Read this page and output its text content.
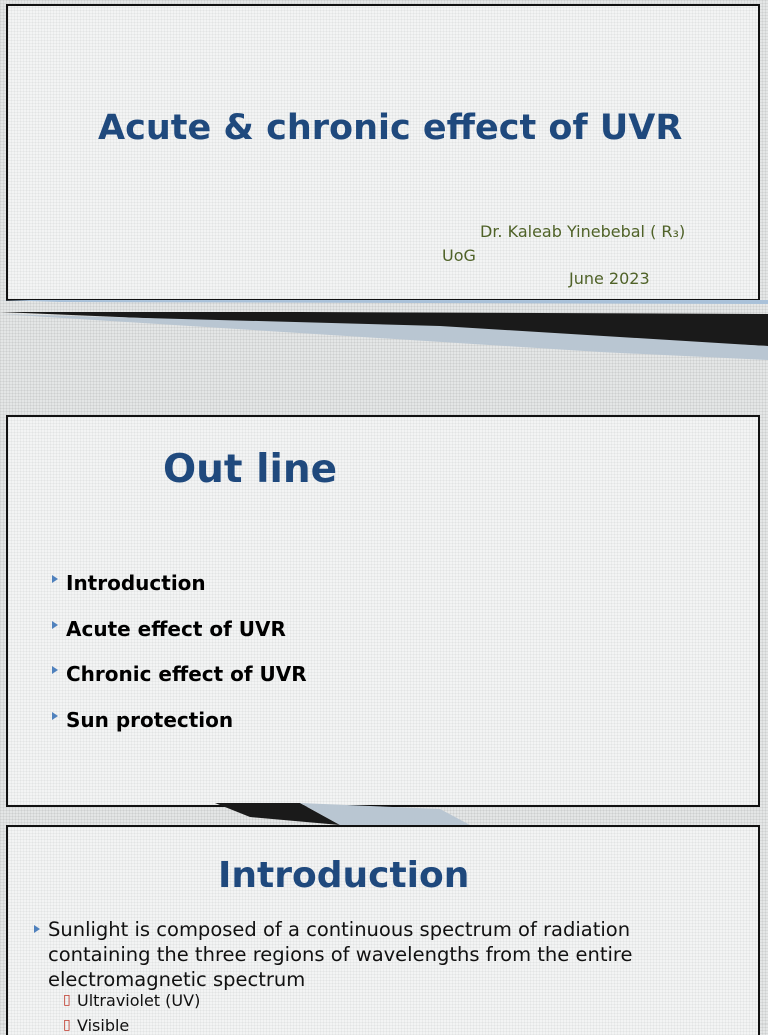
Acute & chronic effect of UVR
Dr. Kaleab Yinebebal ( R₃)
UoG
June 2023
Out line
Introduction
Acute effect of UVR
Chronic effect of UVR
Sun protection
Introduction
Sunlight is composed of a continuous spectrum of radiation containing the three regions of wavelengths from the entire electromagnetic spectrum
▯ Ultraviolet (UV)
▯ Visible
